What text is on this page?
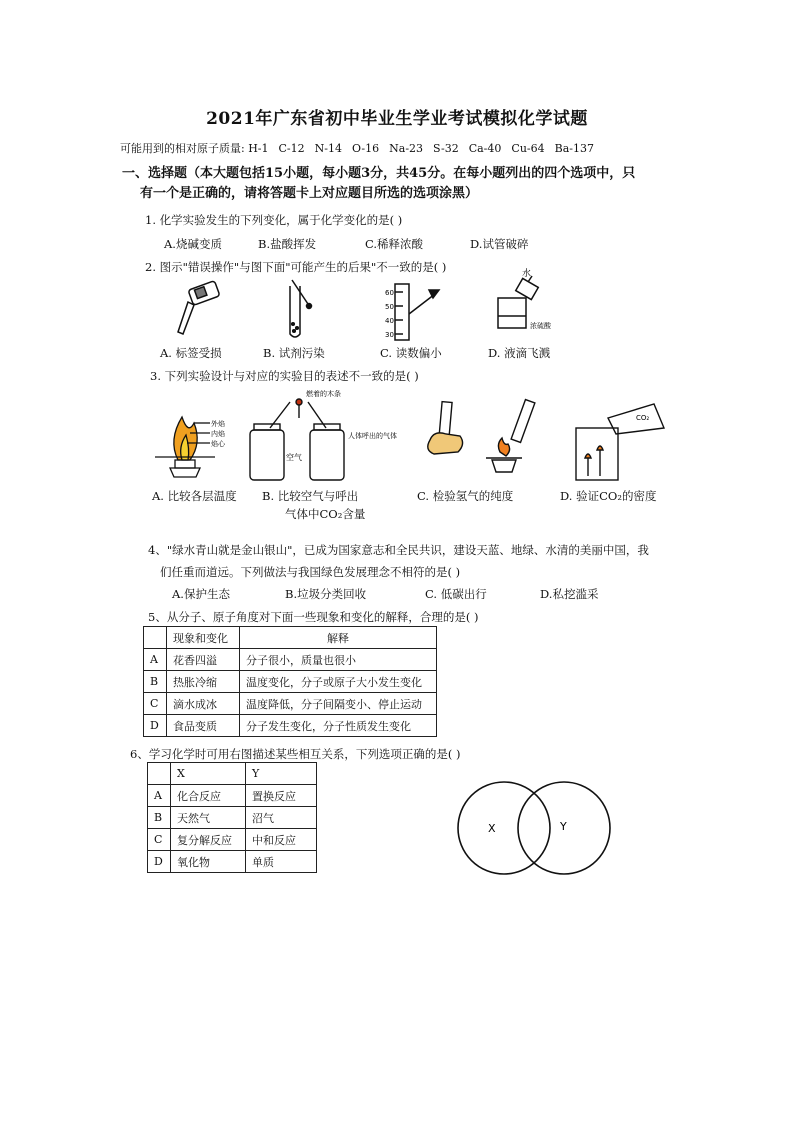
2021年广东省初中毕业生学业考试模拟化学试题
可能用到的相对原子质量: H-1 C-12 N-14 O-16 Na-23 S-32 Ca-40 Cu-64 Ba-137
一、选择题（本大题包括15小题，每小题3分，共45分。在每小题列出的四个选项中，只
有一个是正确的，请将答题卡上对应题目所选的选项涂黑）
1. 化学实验发生的下列变化，属于化学变化的是( )
A.烧碱变质	B.盐酸挥发	C.稀释浓酸	D.试管破碎
2. 图示"错误操作"与图下面"可能产生的后果"不一致的是( )
60
50
40
30
水
浓硫酸
A. 标签受损	B. 试剂污染	C. 读数偏小	D. 液滴飞溅
3. 下列实验设计与对应的实验目的表述不一致的是( )
外焰
内焰
焰心
燃着的木条
空气
人体呼出的气体
CO₂
A. 比较各层温度 B. 比较空气与呼出
气体中CO₂含量
C. 检验氢气的纯度	D. 验证CO₂的密度
4、"绿水青山就是金山银山"，已成为国家意志和全民共识，建设天蓝、地绿、水清的美丽中国，我
们任重而道远。下列做法与我国绿色发展理念不相符的是( )
A.保护生态	B.垃圾分类回收	C. 低碳出行	D.私挖滥采
5、从分子、原子角度对下面一些现象和变化的解释，合理的是( )
	现象和变化	解释
A	花香四溢	分子很小，质量也很小
B	热胀冷缩	温度变化，分子或原子大小发生变化
C	滴水成冰	温度降低，分子间隔变小、停止运动
D	食品变质	分子发生变化，分子性质发生变化
6、学习化学时可用右图描述某些相互关系，下列选项正确的是( )
	X	Y
A	化合反应	置换反应
B	天然气	沼气
C	复分解反应	中和反应
D	氧化物	单质
X	Y
